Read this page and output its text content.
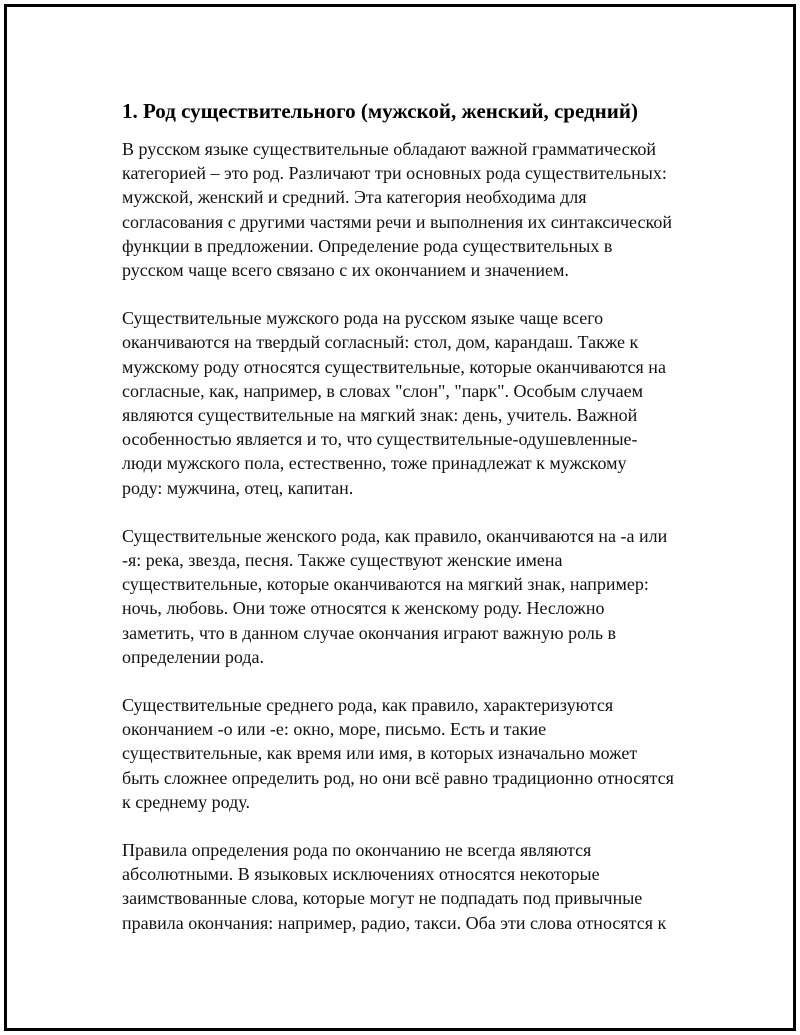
1. Род существительного (мужской, женский, средний)

В русском языке существительные обладают важной грамматической
категорией – это род. Различают три основных рода существительных:
мужской, женский и средний. Эта категория необходима для
согласования с другими частями речи и выполнения их синтаксической
функции в предложении. Определение рода существительных в
русском чаще всего связано с их окончанием и значением.

Существительные мужского рода на русском языке чаще всего
оканчиваются на твердый согласный: стол, дом, карандаш. Также к
мужскому роду относятся существительные, которые оканчиваются на
согласные, как, например, в словах "слон", "парк". Особым случаем
являются существительные на мягкий знак: день, учитель. Важной
особенностью является и то, что существительные-одушевленные-
люди мужского пола, естественно, тоже принадлежат к мужскому
роду: мужчина, отец, капитан.

Существительные женского рода, как правило, оканчиваются на -а или
-я: река, звезда, песня. Также существуют женские имена
существительные, которые оканчиваются на мягкий знак, например:
ночь, любовь. Они тоже относятся к женскому роду. Несложно
заметить, что в данном случае окончания играют важную роль в
определении рода.

Существительные среднего рода, как правило, характеризуются
окончанием -о или -е: окно, море, письмо. Есть и такие
существительные, как время или имя, в которых изначально может
быть сложнее определить род, но они всё равно традиционно относятся
к среднему роду.

Правила определения рода по окончанию не всегда являются
абсолютными. В языковых исключениях относятся некоторые
заимствованные слова, которые могут не подпадать под привычные
правила окончания: например, радио, такси. Оба эти слова относятся к
